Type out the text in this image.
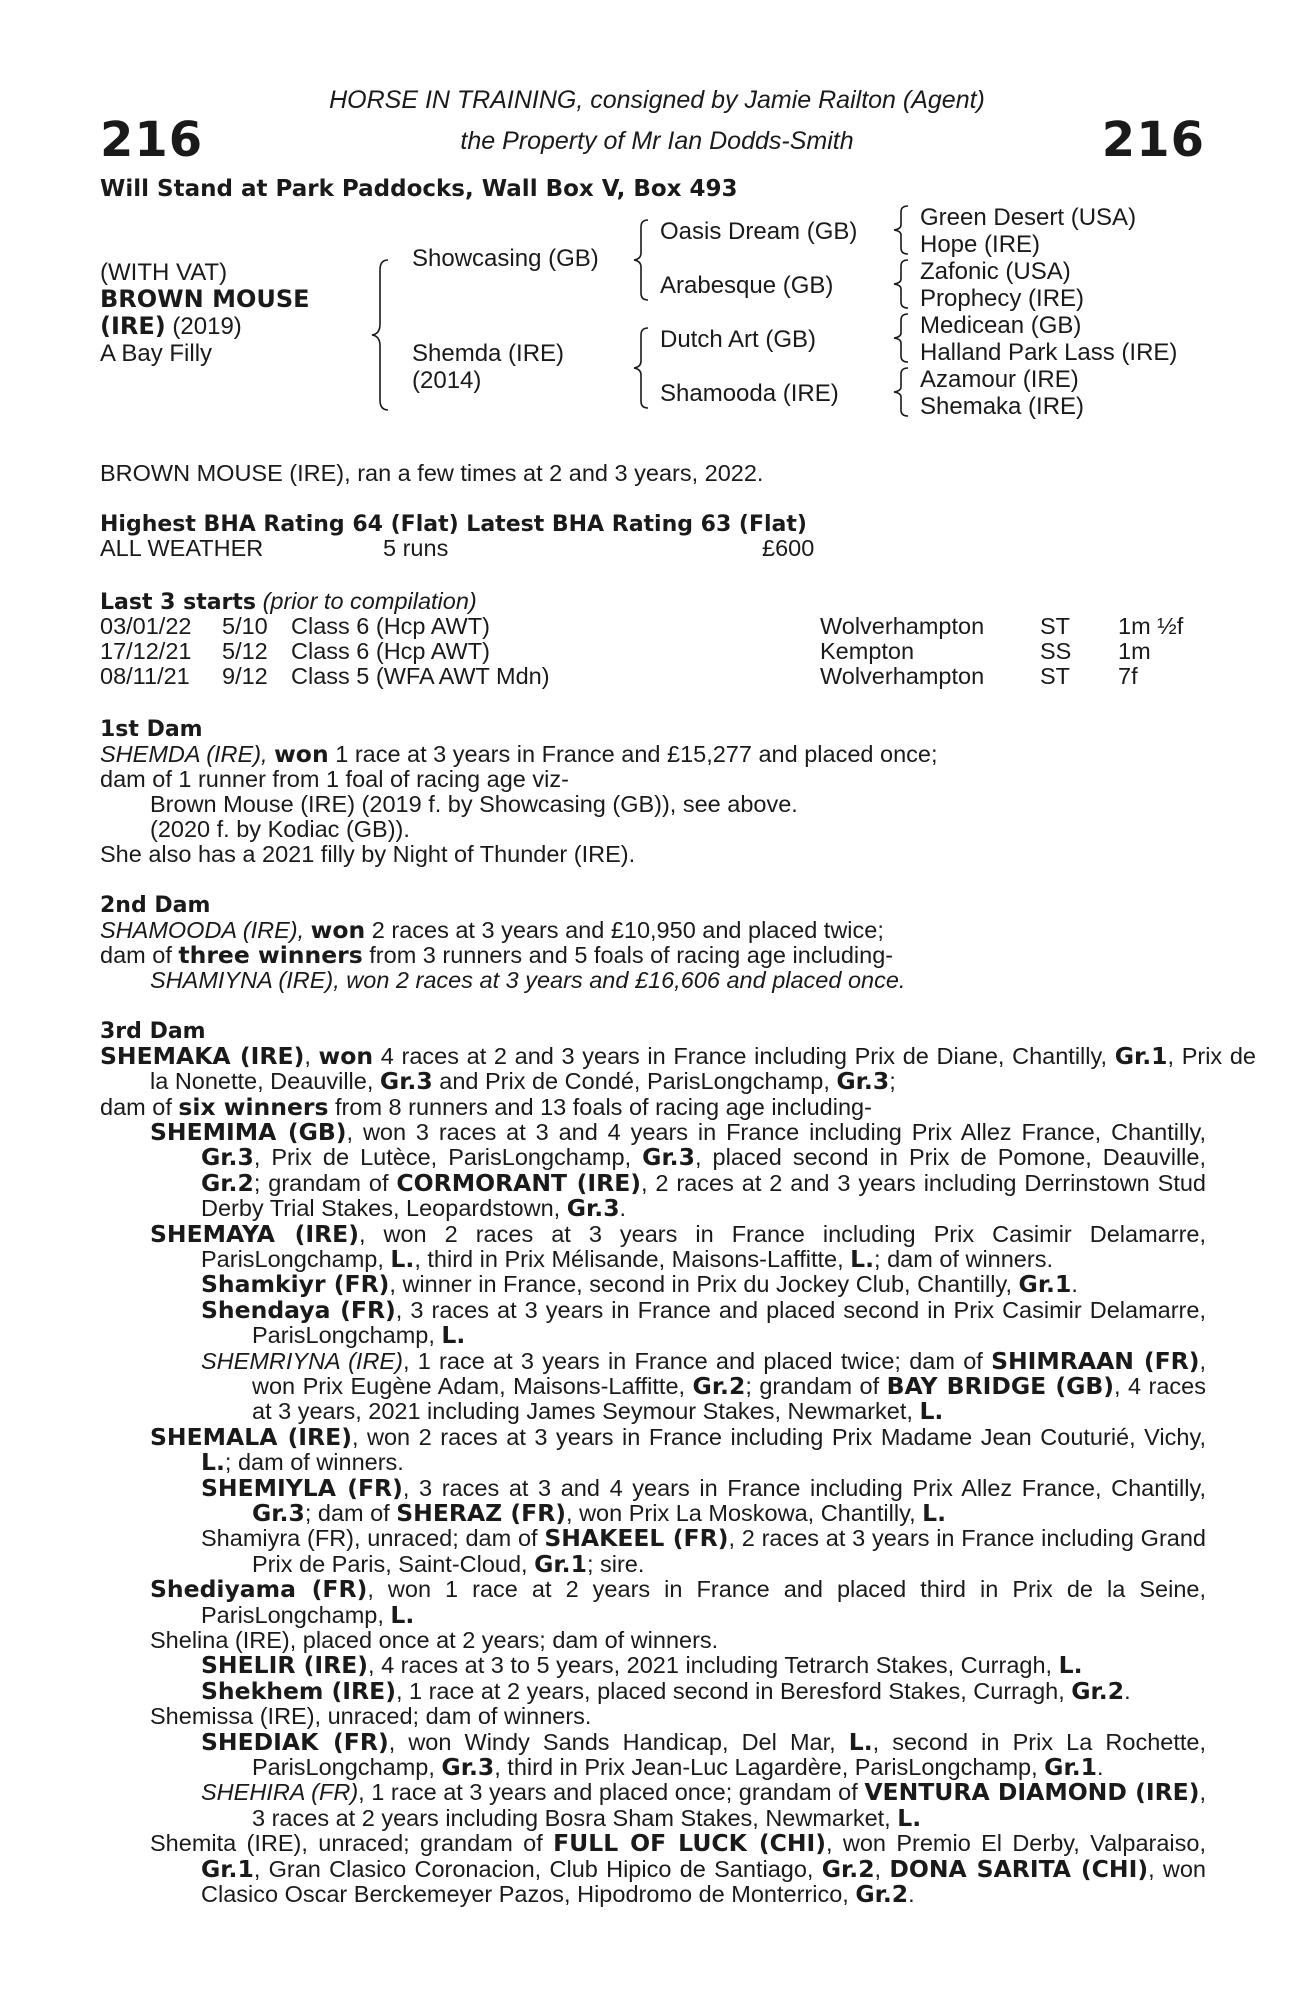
216	216
HORSE IN TRAINING, consigned by Jamie Railton (Agent)
the Property of Mr Ian Dodds-Smith
Will Stand at Park Paddocks, Wall Box V, Box 493
(WITH VAT)
BROWN MOUSE
(IRE) (2019)
A Bay Filly
Showcasing (GB)
Shemda (IRE)
(2014)
Oasis Dream (GB)
Arabesque (GB)
Dutch Art (GB)
Shamooda (IRE)
Green Desert (USA)
Hope (IRE)
Zafonic (USA)
Prophecy (IRE)
Medicean (GB)
Halland Park Lass (IRE)
Azamour (IRE)
Shemaka (IRE)
BROWN MOUSE (IRE), ran a few times at 2 and 3 years, 2022.
Highest BHA Rating 64 (Flat) Latest BHA Rating 63 (Flat)
ALL WEATHER	5 runs	£600
Last 3 starts (prior to compilation)
03/01/22 5/10 Class 6 (Hcp AWT)	Wolverhampton ST 1m ½f
17/12/21 5/12 Class 6 (Hcp AWT)	Kempton	SS 1m
08/11/21 9/12 Class 5 (WFA AWT Mdn)	Wolverhampton ST 7f
1st Dam
SHEMDA (IRE), won 1 race at 3 years in France and £15,277 and placed once;
dam of 1 runner from 1 foal of racing age viz-
Brown Mouse (IRE) (2019 f. by Showcasing (GB)), see above.
(2020 f. by Kodiac (GB)).
She also has a 2021 filly by Night of Thunder (IRE).
2nd Dam
SHAMOODA (IRE), won 2 races at 3 years and £10,950 and placed twice;
dam of three winners from 3 runners and 5 foals of racing age including-
SHAMIYNA (IRE), won 2 races at 3 years and £16,606 and placed once.
3rd Dam

SHEMAKA (IRE), won 4 races at 2 and 3 years in France including Prix de Diane, Chantilly, Gr.1, Prix de la Nonette, Deauville, Gr.3 and Prix de Condé, ParisLongchamp, Gr.3;

dam of six winners from 8 runners and 13 foals of racing age including-

SHEMIMA (GB), won 3 races at 3 and 4 years in France including Prix Allez France, Chantilly, Gr.3, Prix de Lutèce, ParisLongchamp, Gr.3, placed second in Prix de Pomone, Deauville, Gr.2; grandam of CORMORANT (IRE), 2 races at 2 and 3 years including Derrinstown Stud Derby Trial Stakes, Leopardstown, Gr.3.

SHEMAYA (IRE), won 2 races at 3 years in France including Prix Casimir Delamarre, ParisLongchamp, L., third in Prix Mélisande, Maisons-Laffitte, L.; dam of winners.

Shamkiyr (FR), winner in France, second in Prix du Jockey Club, Chantilly, Gr.1.

Shendaya (FR), 3 races at 3 years in France and placed second in Prix Casimir Delamarre, ParisLongchamp, L.

SHEMRIYNA (IRE), 1 race at 3 years in France and placed twice; dam of SHIMRAAN (FR), won Prix Eugène Adam, Maisons-Laffitte, Gr.2; grandam of BAY BRIDGE (GB), 4 races at 3 years, 2021 including James Seymour Stakes, Newmarket, L.

SHEMALA (IRE), won 2 races at 3 years in France including Prix Madame Jean Couturié, Vichy, L.; dam of winners.

SHEMIYLA (FR), 3 races at 3 and 4 years in France including Prix Allez France, Chantilly, Gr.3; dam of SHERAZ (FR), won Prix La Moskowa, Chantilly, L.

Shamiyra (FR), unraced; dam of SHAKEEL (FR), 2 races at 3 years in France including Grand Prix de Paris, Saint-Cloud, Gr.1; sire.

Shediyama (FR), won 1 race at 2 years in France and placed third in Prix de la Seine, ParisLongchamp, L.

Shelina (IRE), placed once at 2 years; dam of winners.

SHELIR (IRE), 4 races at 3 to 5 years, 2021 including Tetrarch Stakes, Curragh, L.

Shekhem (IRE), 1 race at 2 years, placed second in Beresford Stakes, Curragh, Gr.2.

Shemissa (IRE), unraced; dam of winners.

SHEDIAK (FR), won Windy Sands Handicap, Del Mar, L., second in Prix La Rochette, ParisLongchamp, Gr.3, third in Prix Jean-Luc Lagardère, ParisLongchamp, Gr.1.

SHEHIRA (FR), 1 race at 3 years and placed once; grandam of VENTURA DIAMOND (IRE), 3 races at 2 years including Bosra Sham Stakes, Newmarket, L.

Shemita (IRE), unraced; grandam of FULL OF LUCK (CHI), won Premio El Derby, Valparaiso, Gr.1, Gran Clasico Coronacion, Club Hipico de Santiago, Gr.2, DONA SARITA (CHI), won Clasico Oscar Berckemeyer Pazos, Hipodromo de Monterrico, Gr.2.
